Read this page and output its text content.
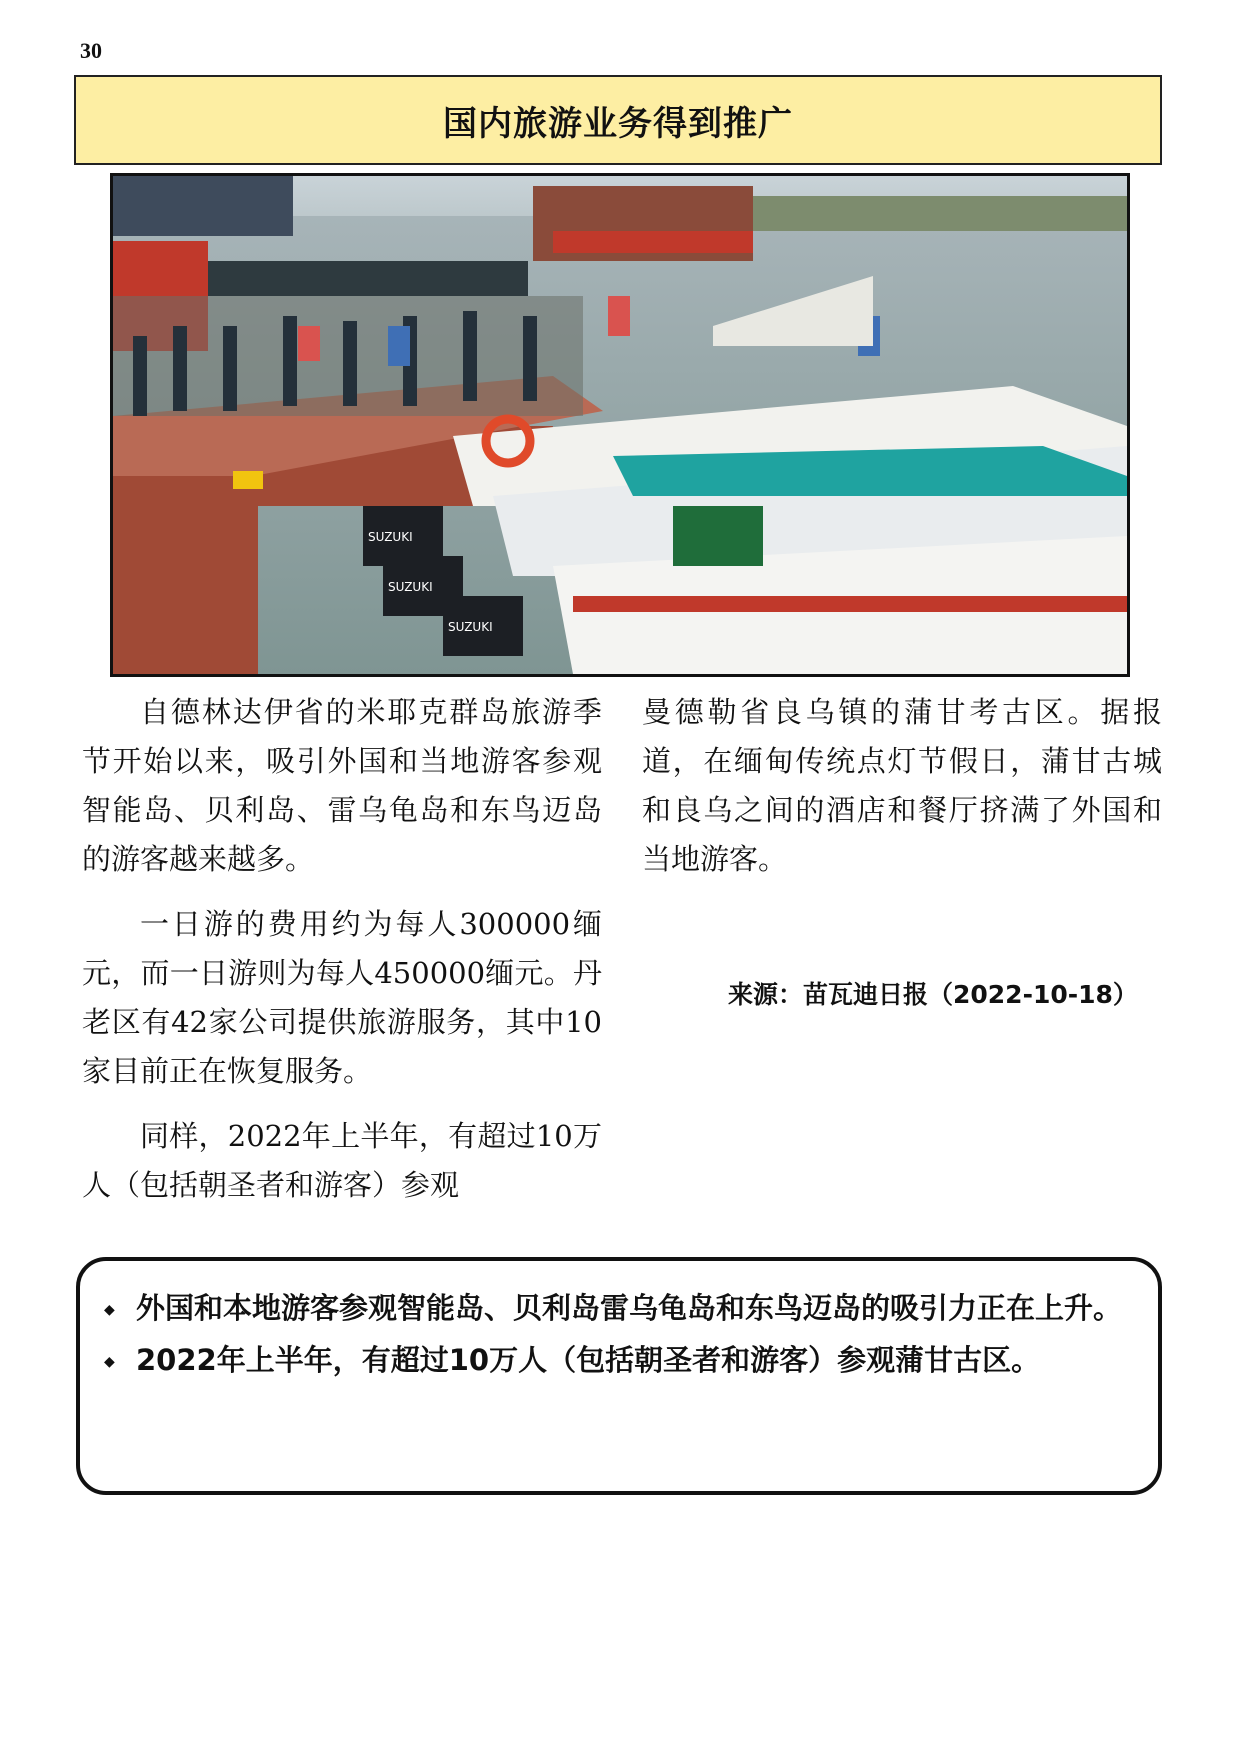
30
国内旅游业务得到推广
SUZUKI
SUZUKI
SUZUKI

自德林达伊省的米耶克群岛旅游季节开始以来，吸引外国和当地游客参观智能岛、贝利岛、雷乌龟岛和东鸟迈岛的游客越来越多。

一日游的费用约为每人300000缅元，而一日游则为每人450000缅元。丹老区有42家公司提供旅游服务，其中10家目前正在恢复服务。

同样，2022年上半年，有超过10万人（包括朝圣者和游客）参观

曼德勒省良乌镇的蒲甘考古区。据报道，在缅甸传统点灯节假日，蒲甘古城和良乌之间的酒店和餐厅挤满了外国和当地游客。

来源：苗瓦迪日报（2022-10-18）
◆ 外国和本地游客参观智能岛、贝利岛雷乌龟岛和东鸟迈岛的吸引力正在上升。
◆ 2022年上半年，有超过10万人（包括朝圣者和游客）参观蒲甘古区。
